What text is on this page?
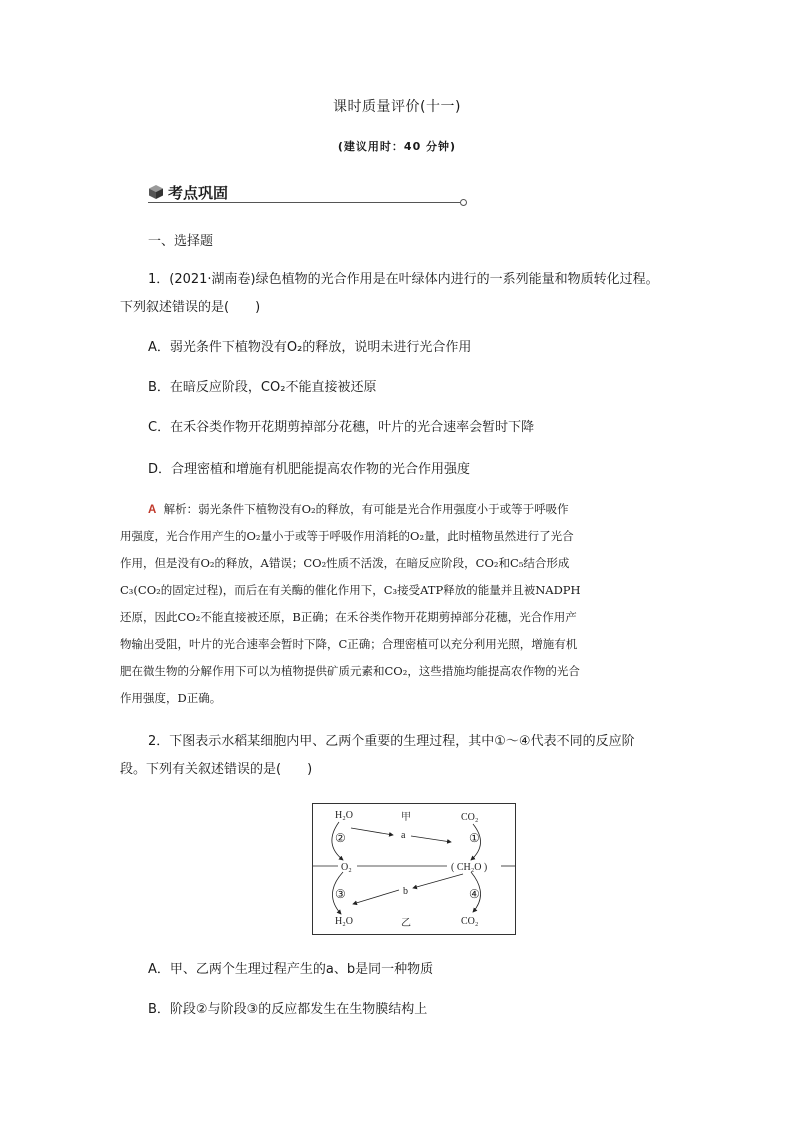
课时质量评价(十一)
(建议用时：40 分钟)
考点巩固
一、选择题
1．(2021·湖南卷)绿色植物的光合作用是在叶绿体内进行的一系列能量和物质转化过程。
下列叙述错误的是(　　)
A．弱光条件下植物没有O₂的释放，说明未进行光合作用
B．在暗反应阶段，CO₂不能直接被还原
C．在禾谷类作物开花期剪掉部分花穗，叶片的光合速率会暂时下降
D．合理密植和增施有机肥能提高农作物的光合作用强度
A 解析：弱光条件下植物没有O₂的释放，有可能是光合作用强度小于或等于呼吸作
用强度，光合作用产生的O₂量小于或等于呼吸作用消耗的O₂量，此时植物虽然进行了光合
作用，但是没有O₂的释放，A错误；CO₂性质不活泼，在暗反应阶段，CO₂和C₅结合形成
C₃(CO₂的固定过程)，而后在有关酶的催化作用下，C₃接受ATP释放的能量并且被NADPH
还原，因此CO₂不能直接被还原，B正确；在禾谷类作物开花期剪掉部分花穗，光合作用产
物输出受阻，叶片的光合速率会暂时下降，C正确；合理密植可以充分利用光照，增施有机
肥在微生物的分解作用下可以为植物提供矿质元素和CO₂，这些措施均能提高农作物的光合
作用强度，D正确。
2．下图表示水稻某细胞内甲、乙两个重要的生理过程，其中①～④代表不同的反应阶
段。下列有关叙述错误的是(　　)
H₂O	甲	CO₂
②	a	①
O₂	( CH₂O )
③	b	④
H₂O	乙	CO₂
A．甲、乙两个生理过程产生的a、b是同一种物质
B．阶段②与阶段③的反应都发生在生物膜结构上
